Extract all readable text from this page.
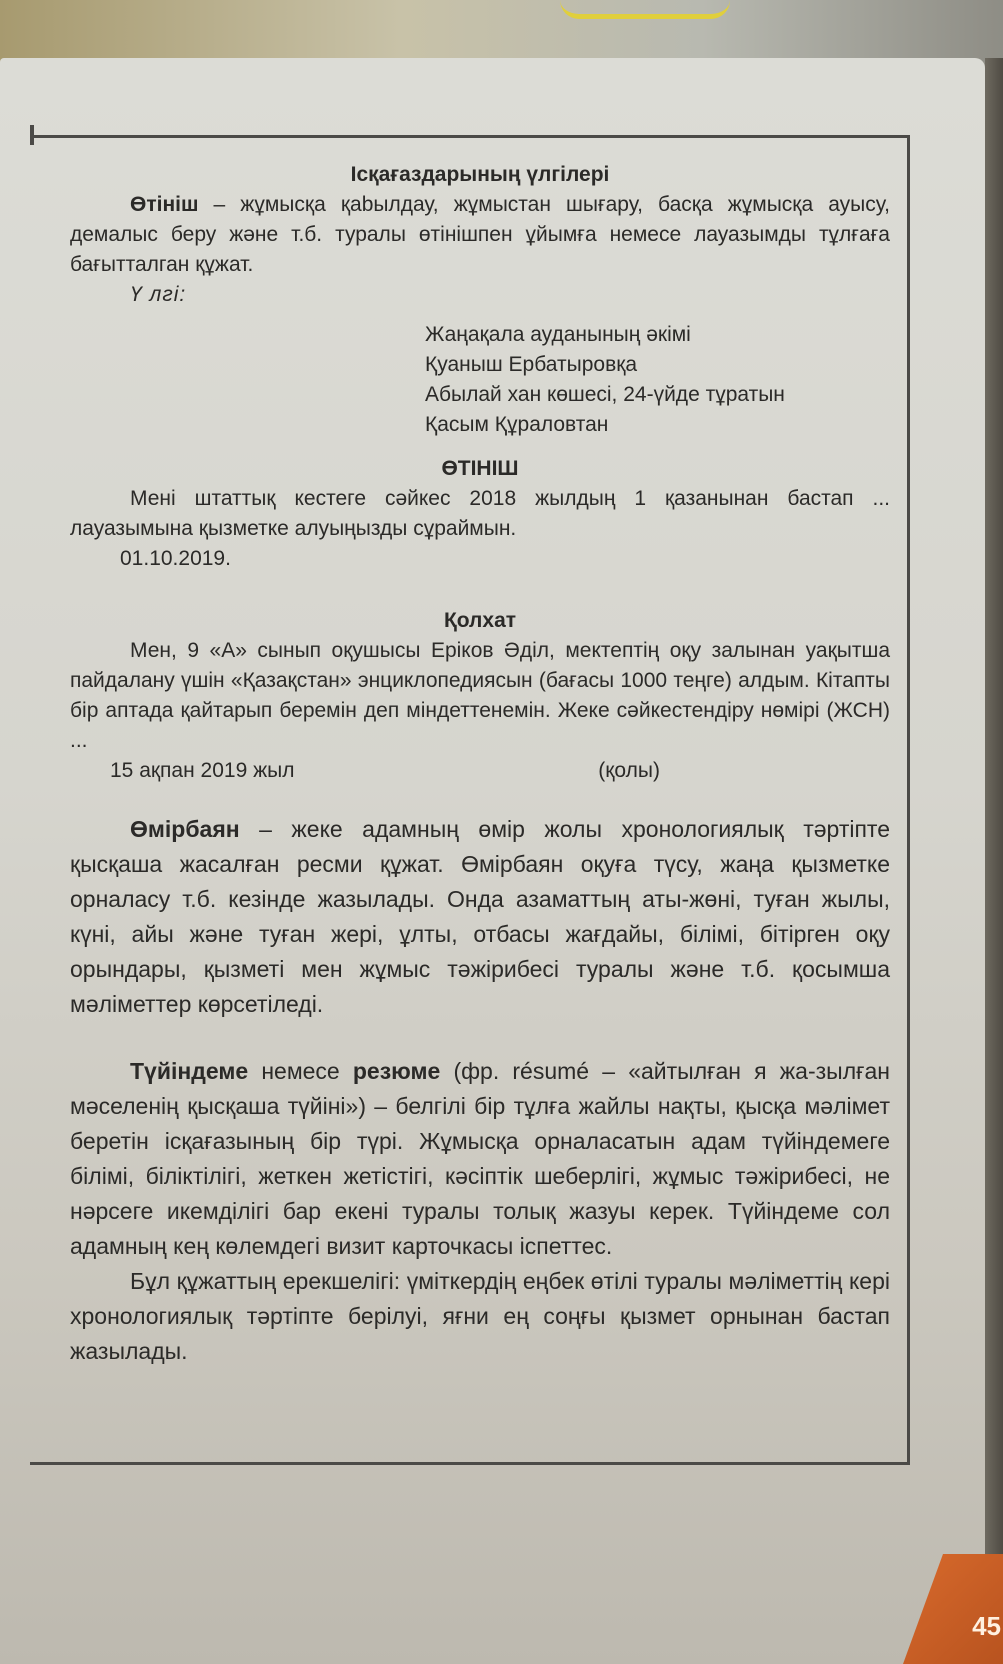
Ісқағаздарының үлгілері

Өтініш – жұмысқа қabылдау, жұмыстан шығару, басқа жұмысқа ауысу, демалыс беру және т.б. туралы өтінішпен ұйымға немесе лауазымды тұлғаға бағытталган құжат.

Ү лгі:

Жаңақала ауданының әкімі
Қуаныш Ербатыровқа
Абылай хан көшесі, 24-үйде тұратын
Қасым Құраловтан

ӨТІНІШ

Мені штаттық кестеге сәйкес 2018 жылдың 1 қазанынан бастап ... лауазымына қызметке алуыңызды сұраймын.

01.10.2019.

Қолхат

Мен, 9 «А» сынып оқушысы Еріков Әділ, мектептің оқу залынан уақытша пайдалану үшін «Қазақстан» энциклопедиясын (бағасы 1000 теңге) алдым. Кітапты бір аптада қaйтарып беремін деп міндеттенемін. Жеке сәйкестендіру нөмірі (ЖСН) ...

15 ақпан 2019 жыл	(қолы)

Өмірбаян – жеке адамның өмір жолы хронологиялық тәртіпте қысқaша жасалған ресми құжат. Өмірбаян оқуға түсу, жаңа қызметке орналасу т.б. кезінде жазылады. Онда азаматтың аты-жөні, туған жылы, күні, айы және туған жері, ұлты, отбасы жағдайы, білімі, бітірген оқу орындары, қызметі мен жұмыс тәжірибесі туралы және т.б. қосымша мәліметтер көрсетіледі.

Түйіндеме немесе резюме (фр. résumé – «айтылған я жа-зылған мәселенің қысқaша түйіні») – белгілі бір тұлға жайлы нақты, қысқa мәлімет беретін ісқағазының бір түрі. Жұмысқа орналасатын адам түйіндемеге білімі, біліктілігі, жеткен жетістігі, кәсіптік шеберлігі, жұмыс тәжірибесі, не нәрсеге икемділігі бар екені туралы толық жазуы керек. Түйіндеме сол адамның кең көлемдегі визит карточкасы іспеттес.

Бұл құжаттың ерекшелігі: үміткердің еңбек өтілі туралы мәліметтің кері хронологиялық тәртіпте берілуі, яғни ең соңғы қызмет орнынан бастап жазылады.

45
